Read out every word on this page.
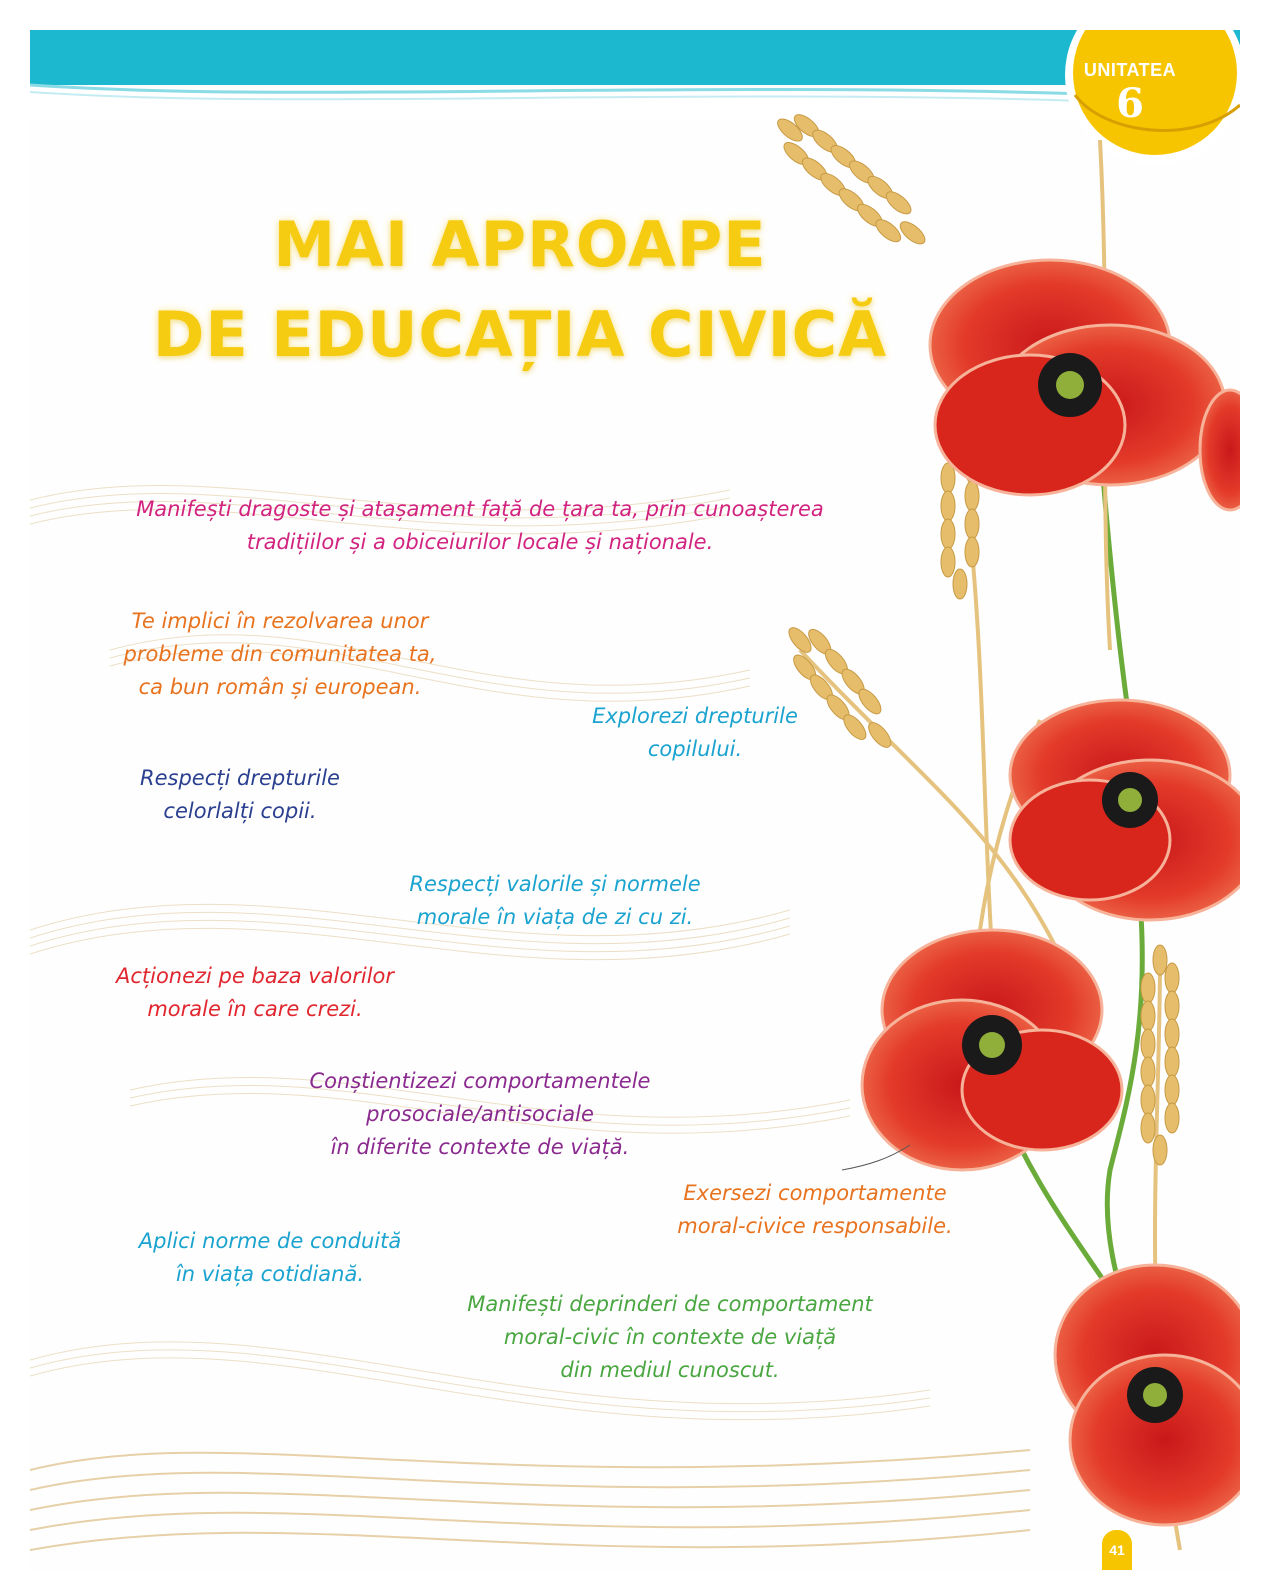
UNITATEA
6
MAI APROAPE
DE EDUCAȚIA CIVICĂ
Manifești dragoste și atașament față de țara ta, prin cunoașterea
tradițiilor și a obiceiurilor locale și naționale.
Te implici în rezolvarea unor
probleme din comunitatea ta,
ca bun român și european.
Explorezi drepturile
copilului.
Respecți drepturile
celorlalți copii.
Respecți valorile și normele
morale în viața de zi cu zi.
Acționezi pe baza valorilor
morale în care crezi.
Conștientizezi comportamentele
prosociale/antisociale
în diferite contexte de viață.
Exersezi comportamente
moral-civice responsabile.
Aplici norme de conduită
în viața cotidiană.
Manifești deprinderi de comportament
moral-civic în contexte de viață
din mediul cunoscut.
41
